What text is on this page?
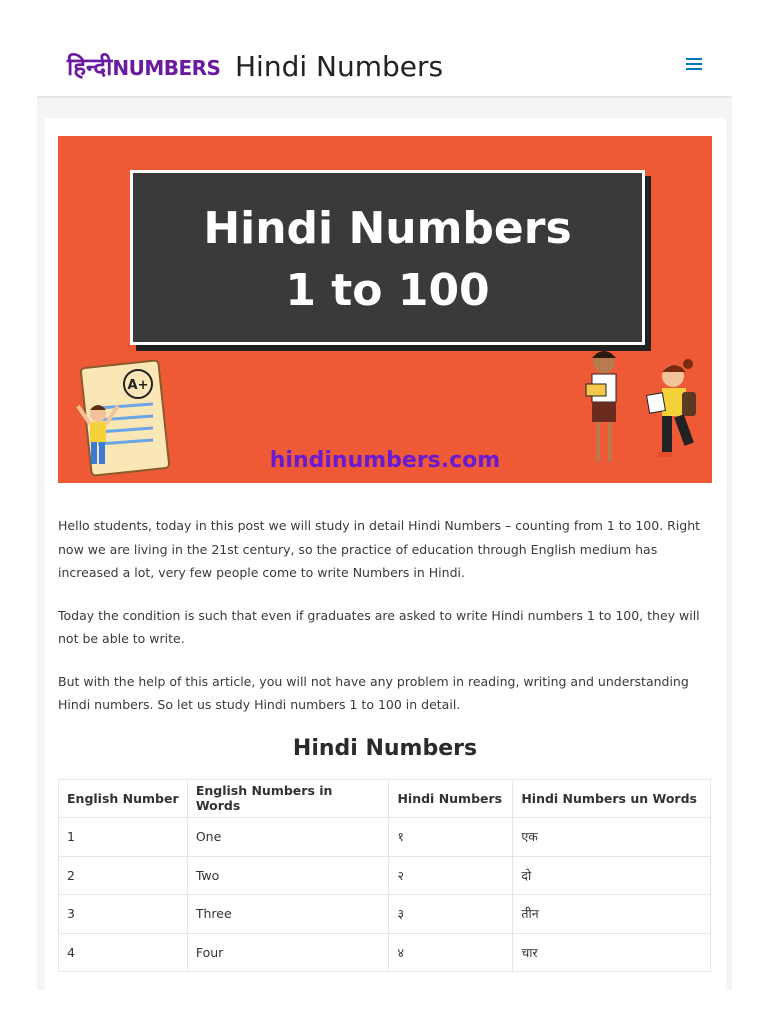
हिन्दी NUMBERS Hindi Numbers
Hindi Numbers
1 to 100
A+
hindinumbers.com

Hello students, today in this post we will study in detail Hindi Numbers – counting from 1 to 100. Right now we are living in the 21st century, so the practice of education through English medium has increased a lot, very few people come to write Numbers in Hindi.

Today the condition is such that even if graduates are asked to write Hindi numbers 1 to 100, they will not be able to write.

But with the help of this article, you will not have any problem in reading, writing and understanding Hindi numbers. So let us study Hindi numbers 1 to 100 in detail.

Hindi Numbers
English Number	English Numbers in Words	Hindi Numbers	Hindi Numbers un Words
1	One	१	एक
2	Two	२	दो
3	Three	३	तीन
4	Four	४	चार
